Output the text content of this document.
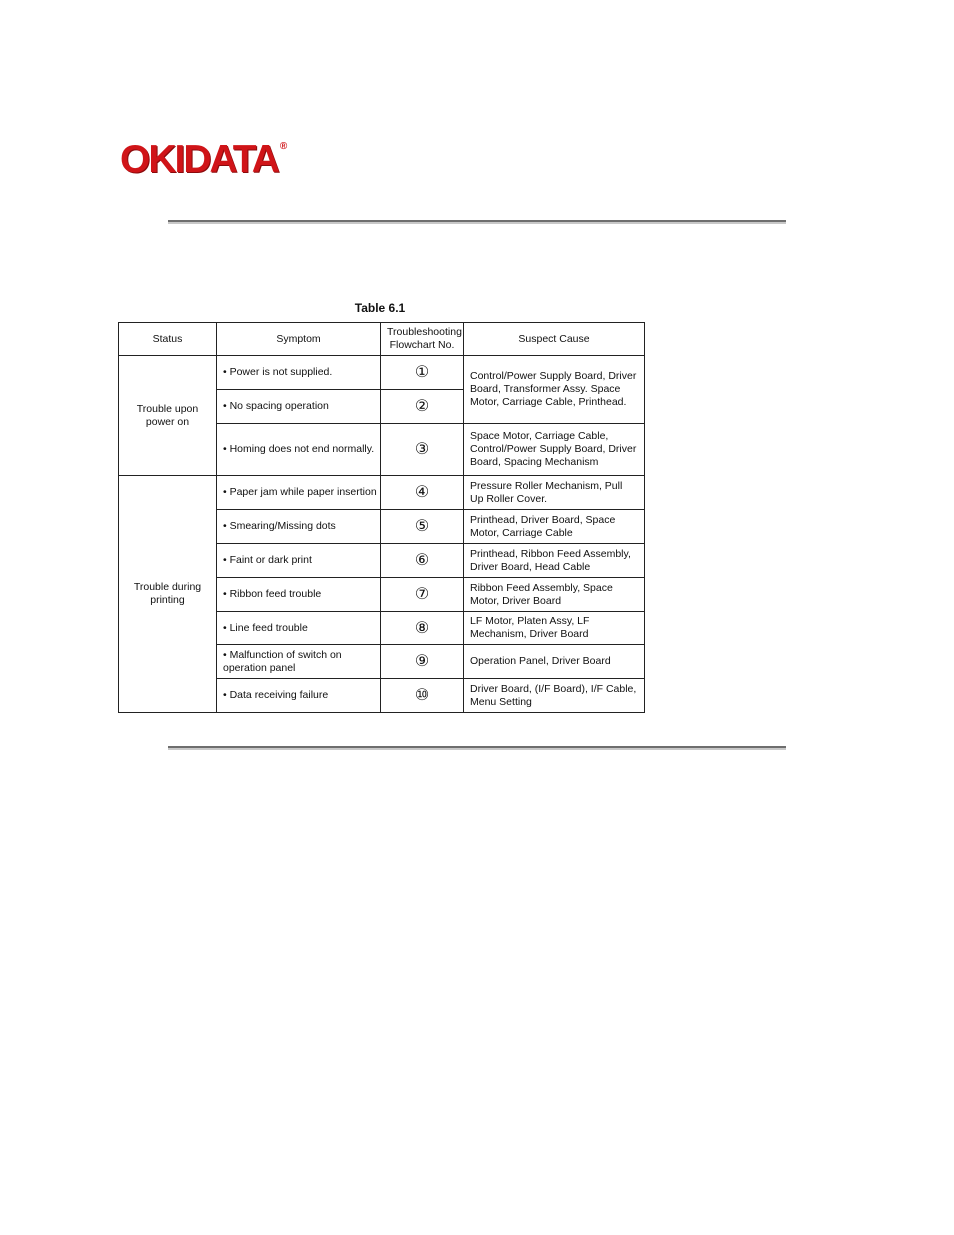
OKIDATA ®
Table 6.1
Status	Symptom	Troubleshooting Flowchart No.	Suspect Cause
Trouble upon power on	• Power is not supplied.	①	Control/Power Supply Board, Driver Board, Transformer Assy. Space Motor, Carriage Cable, Printhead.
	• No spacing operation	②	
	• Homing does not end normally.	③	Space Motor, Carriage Cable, Control/Power Supply Board, Driver Board, Spacing Mechanism
Trouble during printing	• Paper jam while paper insertion	④	Pressure Roller Mechanism, Pull Up Roller Cover.
	• Smearing/Missing dots	⑤	Printhead, Driver Board, Space Motor, Carriage Cable
	• Faint or dark print	⑥	Printhead, Ribbon Feed Assembly, Driver Board, Head Cable
	• Ribbon feed trouble	⑦	Ribbon Feed Assembly, Space Motor, Driver Board
	• Line feed trouble	⑧	LF Motor, Platen Assy, LF Mechanism, Driver Board
	• Malfunction of switch on operation panel	⑨	Operation Panel, Driver Board
	• Data receiving failure	⑩	Driver Board, (I/F Board), I/F Cable, Menu Setting
